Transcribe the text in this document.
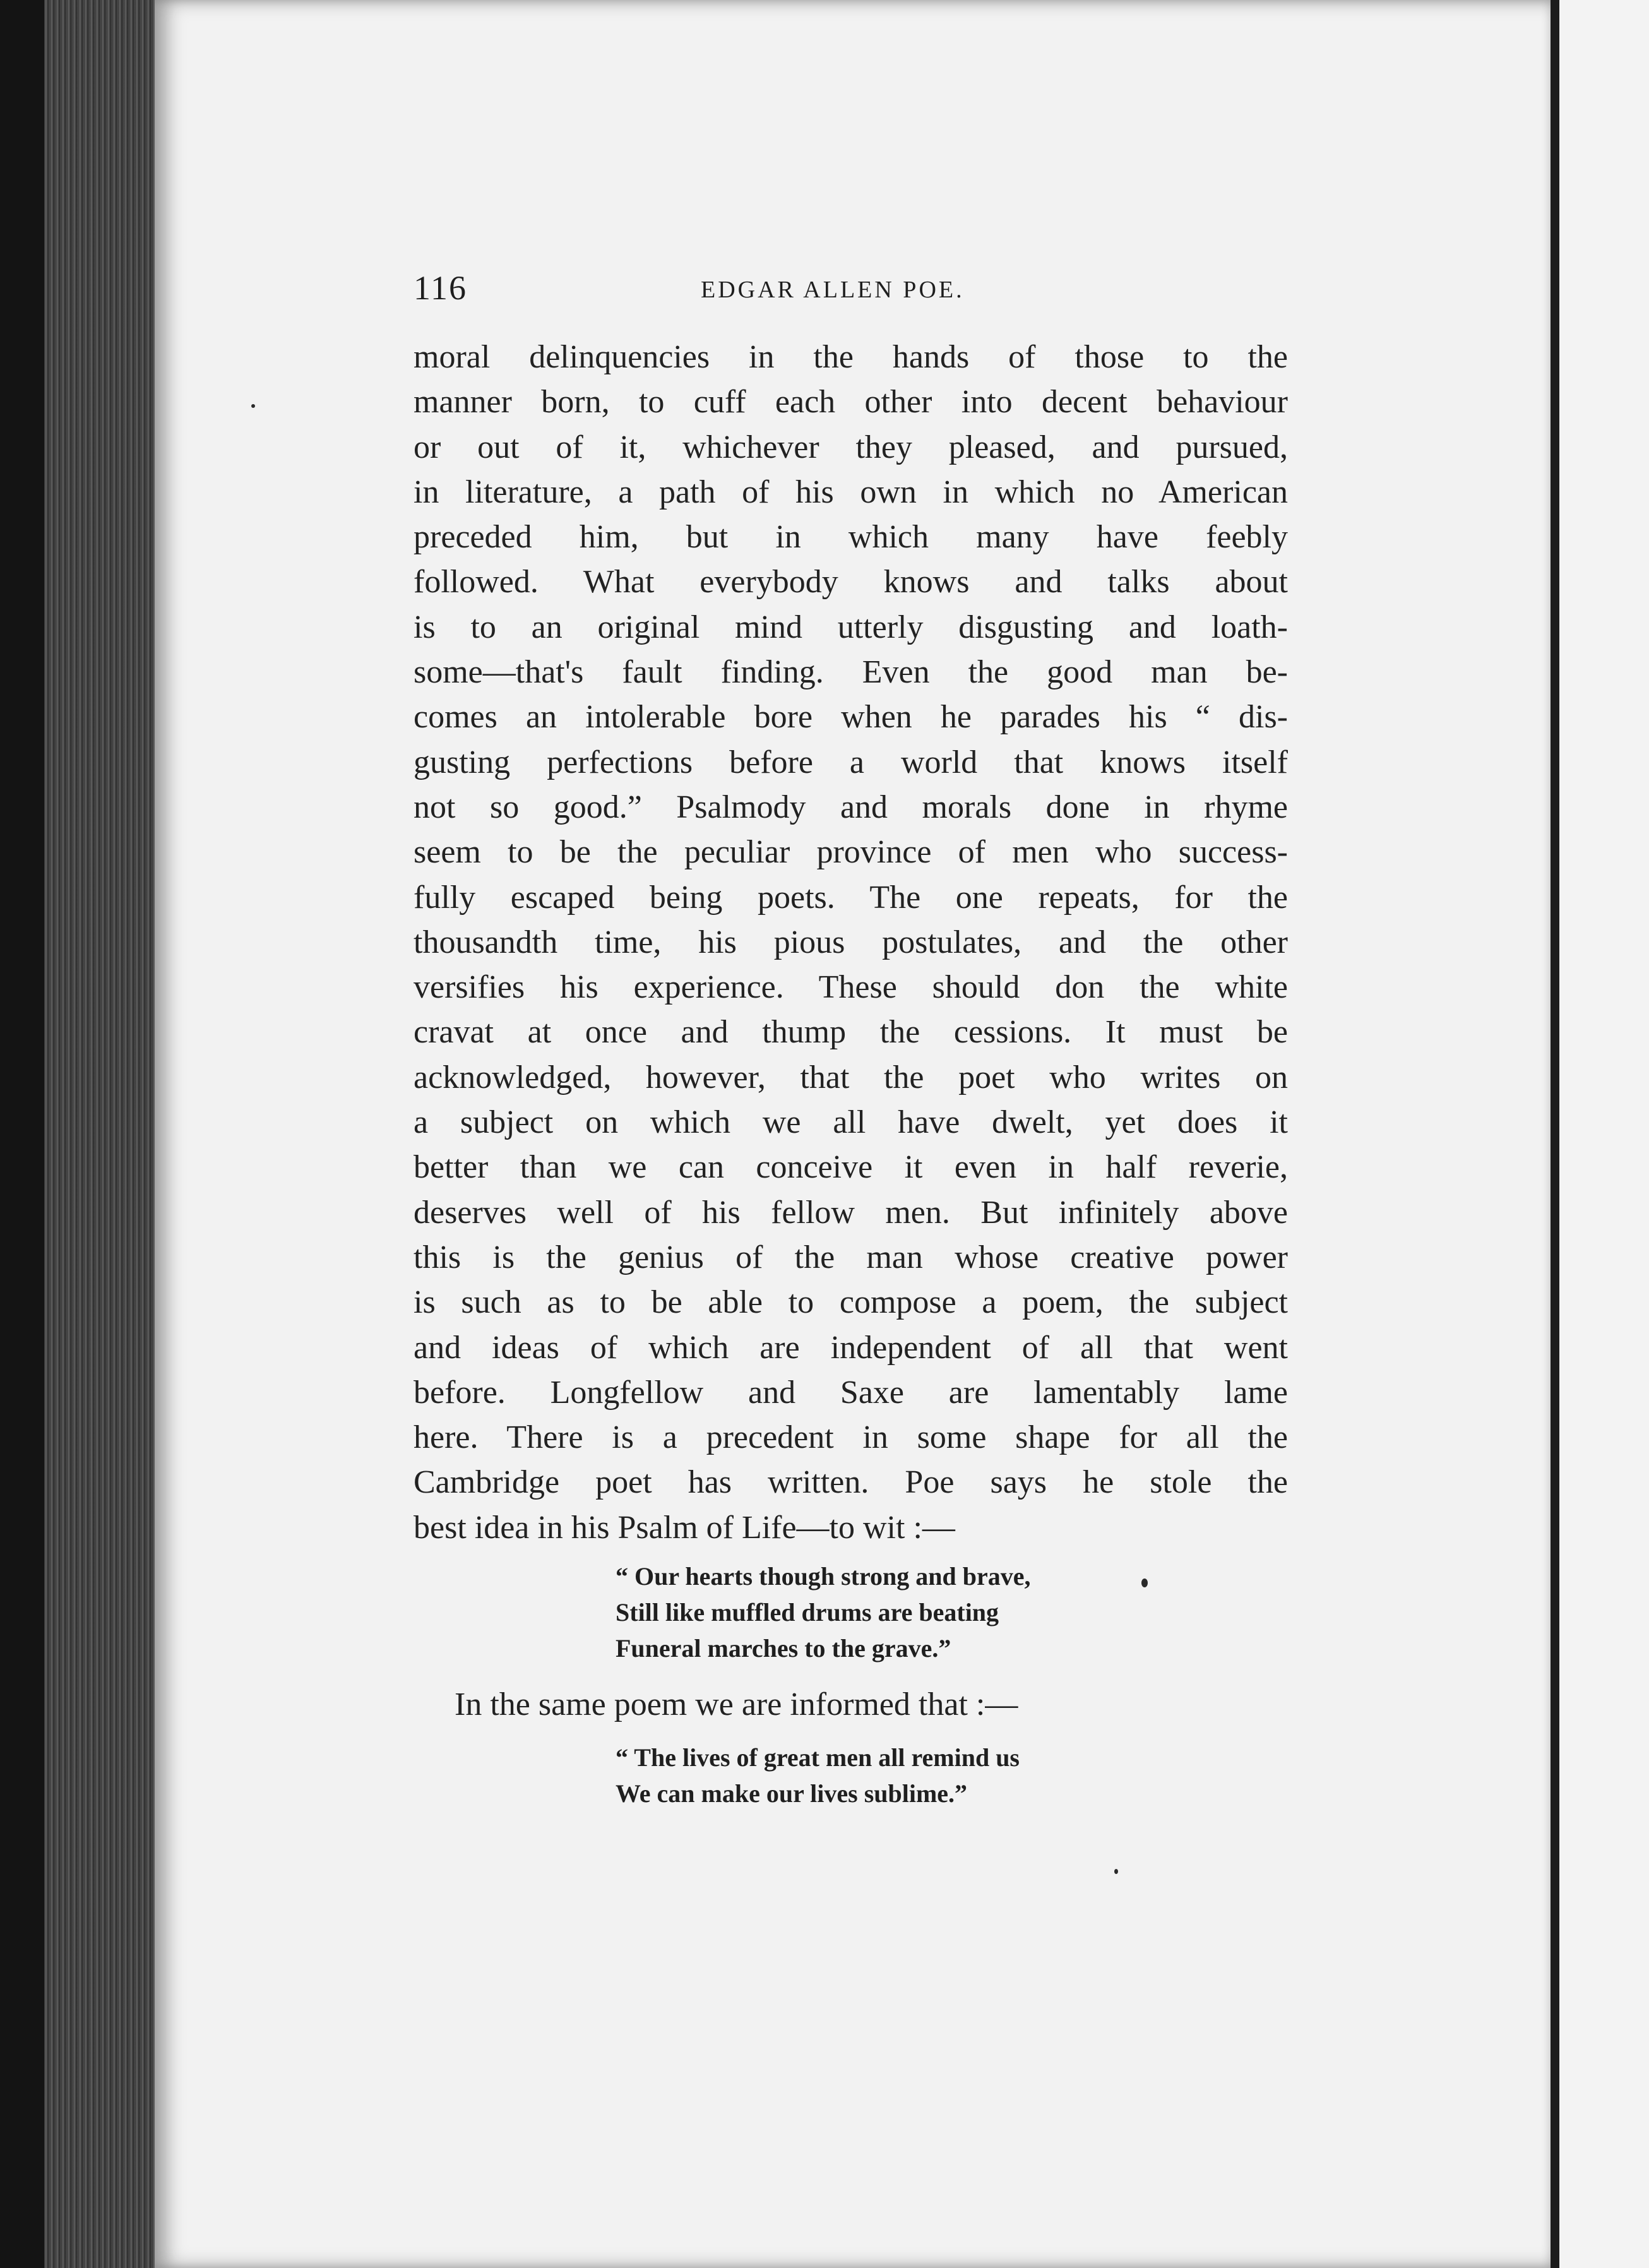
116	EDGAR ALLEN POE.
moral delinquencies in the hands of those to the
manner born, to cuff each other into decent behaviour
or out of it, whichever they pleased, and pursued,
in literature, a path of his own in which no American
preceded him, but in which many have feebly
followed. What everybody knows and talks about
is to an original mind utterly disgusting and loath-
some—that's fault finding. Even the good man be-
comes an intolerable bore when he parades his “ dis-
gusting perfections before a world that knows itself
not so good.” Psalmody and morals done in rhyme
seem to be the peculiar province of men who success-
fully escaped being poets. The one repeats, for the
thousandth time, his pious postulates, and the other
versifies his experience. These should don the white
cravat at once and thump the cessions. It must be
acknowledged, however, that the poet who writes on
a subject on which we all have dwelt, yet does it
better than we can conceive it even in half reverie,
deserves well of his fellow men. But infinitely above
this is the genius of the man whose creative power
is such as to be able to compose a poem, the subject
and ideas of which are independent of all that went
before. Longfellow and Saxe are lamentably lame
here. There is a precedent in some shape for all the
Cambridge poet has written. Poe says he stole the
best idea in his Psalm of Life—to wit :—
“ Our hearts though strong and brave,
Still like muffled drums are beating
Funeral marches to the grave.”
In the same poem we are informed that :—
“ The lives of great men all remind us
We can make our lives sublime.”
